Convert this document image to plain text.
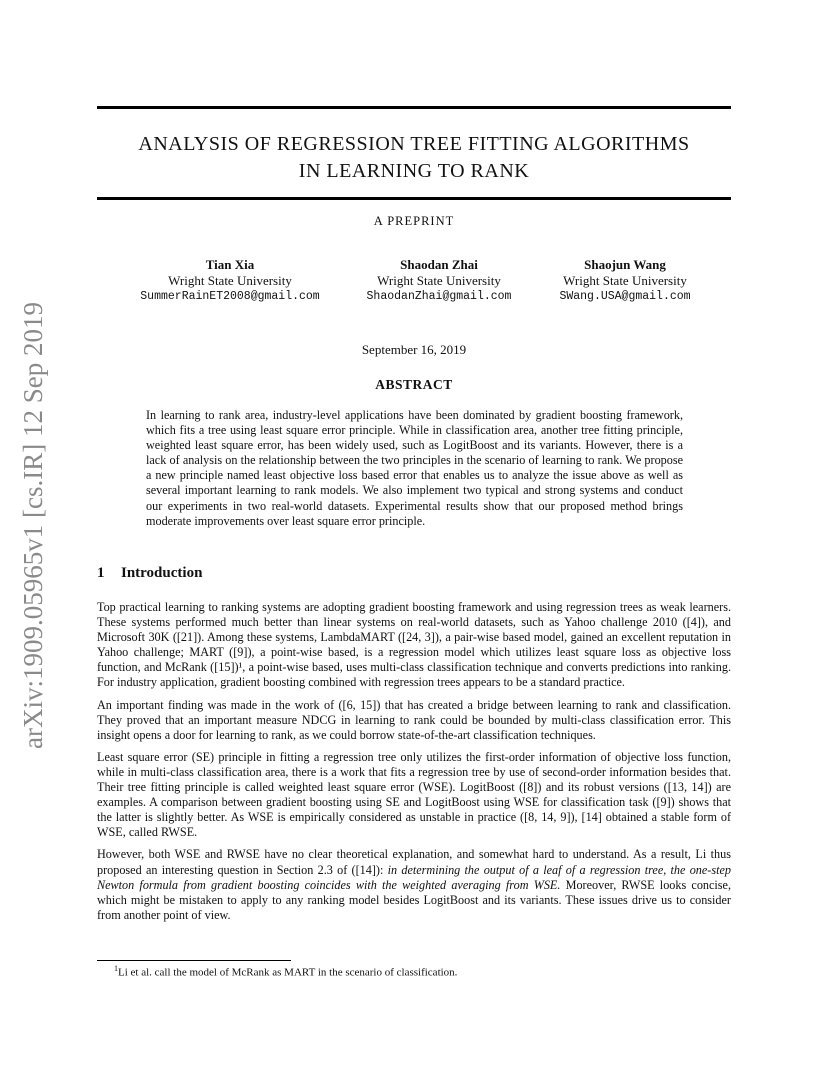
arXiv:1909.05965v1 [cs.IR] 12 Sep 2019
ANALYSIS OF REGRESSION TREE FITTING ALGORITHMS
IN LEARNING TO RANK
A PREPRINT
Tian Xia
Wright State University
SummerRainET2008@gmail.com
Shaodan Zhai
Wright State University
ShaodanZhai@gmail.com
Shaojun Wang
Wright State University
SWang.USA@gmail.com
September 16, 2019
ABSTRACT
In learning to rank area, industry-level applications have been dominated by gradient boosting framework, which fits a tree using least square error principle. While in classification area, another tree fitting principle, weighted least square error, has been widely used, such as LogitBoost and its variants. However, there is a lack of analysis on the relationship between the two principles in the scenario of learning to rank. We propose a new principle named least objective loss based error that enables us to analyze the issue above as well as several important learning to rank models. We also implement two typical and strong systems and conduct our experiments in two real-world datasets. Experimental results show that our proposed method brings moderate improvements over least square error principle.
1 Introduction

Top practical learning to ranking systems are adopting gradient boosting framework and using regression trees as weak learners. These systems performed much better than linear systems on real-world datasets, such as Yahoo challenge 2010 ([4]), and Microsoft 30K ([21]). Among these systems, LambdaMART ([24, 3]), a pair-wise based model, gained an excellent reputation in Yahoo challenge; MART ([9]), a point-wise based, is a regression model which utilizes least square loss as objective loss function, and McRank ([15])¹, a point-wise based, uses multi-class classification technique and converts predictions into ranking. For industry application, gradient boosting combined with regression trees appears to be a standard practice.

An important finding was made in the work of ([6, 15]) that has created a bridge between learning to rank and classification. They proved that an important measure NDCG in learning to rank could be bounded by multi-class classification error. This insight opens a door for learning to rank, as we could borrow state-of-the-art classification techniques.

Least square error (SE) principle in fitting a regression tree only utilizes the first-order information of objective loss function, while in multi-class classification area, there is a work that fits a regression tree by use of second-order information besides that. Their tree fitting principle is called weighted least square error (WSE). LogitBoost ([8]) and its robust versions ([13, 14]) are examples. A comparison between gradient boosting using SE and LogitBoost using WSE for classification task ([9]) shows that the latter is slightly better. As WSE is empirically considered as unstable in practice ([8, 14, 9]), [14] obtained a stable form of WSE, called RWSE.

However, both WSE and RWSE have no clear theoretical explanation, and somewhat hard to understand. As a result, Li thus proposed an interesting question in Section 2.3 of ([14]): in determining the output of a leaf of a regression tree, the one-step Newton formula from gradient boosting coincides with the weighted averaging from WSE. Moreover, RWSE looks concise, which might be mistaken to apply to any ranking model besides LogitBoost and its variants. These issues drive us to consider from another point of view.

$^1$Li et al. call the model of McRank as MART in the scenario of classification.
